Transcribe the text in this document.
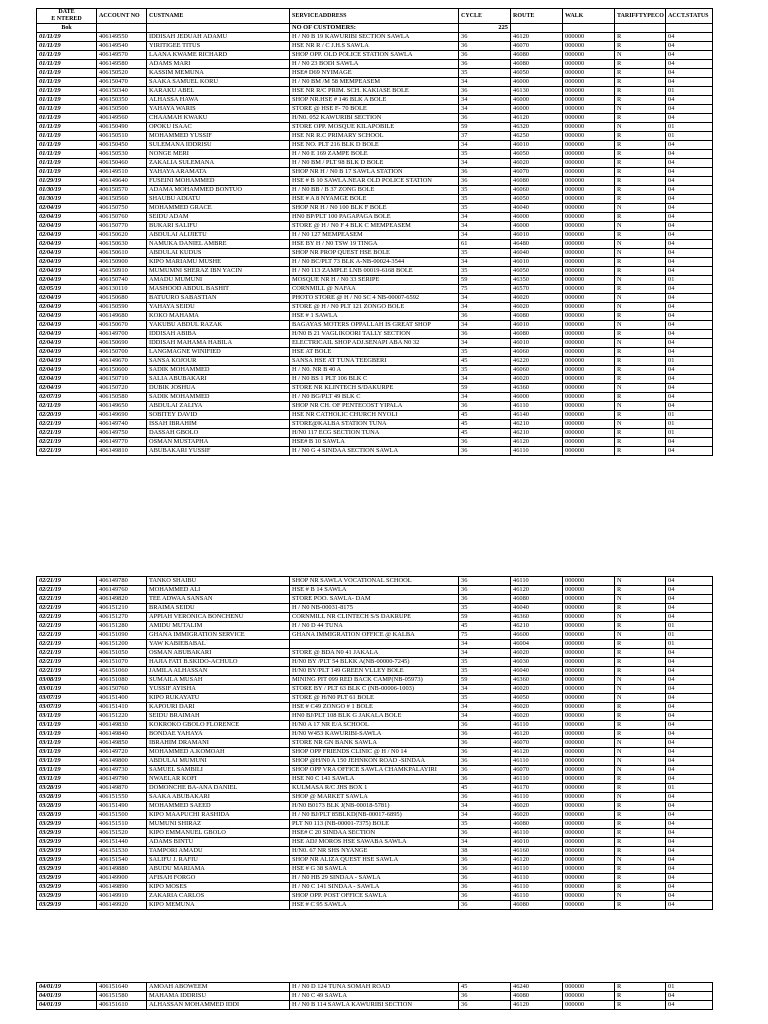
DATE
E NTERED	ACCOUNT NO	CUSTNAME	SERVICEADDRESS	CYCLE	ROUTE	WALK	TARIFFTYPECO	ACCT.STATUS
Bok			NO OF CUSTOMERS:	225				
01/11/19	406149550	IDDISAH JEDUAH ADAMU	H / N0 B 19 KAWURIBI SECTION SAWLA	36	46120	000000	R	04
01/11/19	406149540	YIRITIGEE TITUS	HSE NR R / C J.H.S SAWLA	36	46070	000000	R	04
01/11/19	406149570	LAANA KWAME RICHARD	SHOP OPP. OLD POLICE STATION SAWLA	36	46080	000000	N	04
01/11/19	406149580	ADAMS MARI	H / N0 23 BODI SAWLA	36	46080	000000	R	04
01/11/19	406150520	KASSIM MEMUNA	HSE# D69 NYIMAGE	35	46050	000000	R	04
01/11/19	406150470	SAAKA SAMUEL KORU	H / N0 BM /M 58 MEMPEASEM	34	46000	000000	R	04
01/11/19	406150340	KARAKU ABEL	HSE NR R/C PRIM. SCH. KAKIASE BOLE	36	46130	000000	R	01
01/11/19	406150350	ALHASSA HAWA	SHOP NR.HSE # 146 BLK A BOLE	34	46000	000000	R	04
01/11/19	406150500	YAHAYA WARIS	STORE @ HSE F- 70 BOLE	34	46000	000000	N	04
01/11/19	406149560	CHAAMAH KWAKU	H/N0. 052 KAWURIBI SECTION	36	46120	000000	R	04
01/11/19	406150490	OPOKU ISAAC	STORE OPP. MOSQUE KILAPOBILE	59	46320	000000	N	01
01/11/19	406150510	MOHAMMED YUSSIF	HSE NR R.C PRIMARY SCHOOL	37	46250	000000	R	01
01/11/19	406150450	SULEMANA IDDRISU	HSE NO. PLT 216 BLK D BOLE	34	46010	000000	R	04
01/11/19	406150530	NONGE MERI	H / N0 E 169 ZAMPE BOLE	35	46050	000000	R	04
01/11/19	406150460	ZAKALIA SULEMANA	H / N0 BM / PLT 98 BLK D BOLE	34	46020	000000	R	04
01/11/19	406149510	YAHAYA ARAMATA	SHOP NR H / N0 B 17 SAWLA STATION	36	46070	000000	R	04
01/29/19	406149640	FUSEINI MOHAMMED	HSE # B 10 SAWLA.NEAR OLD POLICE STATION	36	46080	000000	R	04
01/30/19	406150570	ADAMA MOHAMMED BONTUO	H / N0 BB / B 37 ZONG BOLE	35	46060	000000	R	04
01/30/19	406150560	SHAUBU ADIATU	HSE # A 8 NYAMGE BOLE	35	46050	000000	R	04
02/04/19	406150750	MOHAMMED GRACE	SHOP NR H / N0 100 BLK F BOLE	35	46040	000000	N	04
02/04/19	406150760	SEIDU ADAM	HN0 BP/PLT 100 PAGAPAGA BOLE	34	46000	000000	R	04
02/04/19	406150770	BUKARI SALIFU	STORE @ H / N0 F 4 BLK C MEMPEASEM	34	46000	000000	N	04
02/04/19	406150620	ABDULAI ALIJIETU	H / N0 127 MEMPEASEM	34	46010	000000	R	04
02/04/19	406150630	NAMUKA DANIEL AMBRE	HSE BY H / N0 TSW 19 TINGA	61	46480	000000	N	04
02/04/19	406150610	ABDULAI KUDUS	SHOP NR PROP QUEST HSE BOLE	35	46040	000000	N	04
02/04/19	406150900	KIPO MARIAMU MUSHE	H / N0 BC/PLT 73 BLK A-NB-00024-3544	34	46010	000000	R	04
02/04/19	406150910	MUMUMNI SHERAZ IBN YACIN	H / N0 113 ZAMPLE LNB 00019-6168 BOLE	35	46050	000000	R	04
02/04/19	406150740	AMADU MUMUNI	MOSQUE NR H / N0 33 SERIPE	59	46350	000000	N	01
02/05/19	406130110	MASHOOD ABDUL BASHIT	CORNMILL @ NAFAA	75	46570	000000	R	04
02/04/19	406150680	BATUURO SABASTIAN	PHOTO STORE @ H / N0 SC 4 NB-00007-6592	34	46020	000000	N	04
02/04/19	406150590	YAHAYA SEIDU	STORE @ H / N0 PLT 121 ZONGO BOLE	34	46020	000000	N	04
02/04/19	406149680	KOKO MAHAMA	HSE # 1 SAWLA	36	46080	000000	R	04
02/04/19	406150670	YAKUBU ABDUL RAZAK	BAGAYAS MOTERS OPPALLAH IS GREAT SHOP	34	46010	000000	N	04
02/04/19	406149700	IDDISAH ABIBA	H/N0 B 21 VAGLIKOORI TALLY SECTION	36	46080	000000	R	04
02/04/19	406150690	IDDISAH MAHAMA HABILA	ELECTRICAIL SHOP ADJ.SENAPI ABA N0 32	34	46010	000000	N	04
02/04/19	406150700	LANGMAGNE WINIFIED	HSE AT BOLE	35	46060	000000	R	04
02/04/19	406149670	SANSA KOJOUR	SANSA HSE AT TUNA TEEGBERI	45	46220	000000	R	01
02/04/19	406150600	SADIK MOHAMMED	H / N0. NR B 40 A	35	46060	000000	R	04
02/04/19	406150710	SALIA ABUBAKARI	H / N0 BS 1 PLT 106 BLK C	34	46020	000000	R	04
02/04/19	406150720	DUBIK JOSHUA	STORE NR KLINTECH S/DAKURPE	59	46360	000000	N	04
02/07/19	406150580	SADIK MOHAMMED	H / N0 BG/PLT 49 BLK C	34	46000	000000	R	04
02/11/19	406149650	ABDULAI ZALIYA	SHOP NR CH. OF PENTECOST YIPALA	36	46110	000000	N	04
02/20/19	406149690	SOBITEY DAVID	HSE NR CATHOLIC CHURCH NYOLI	45	46140	000000	R	01
02/21/19	406149740	ISSAH IBRAHIM	STORE@KALBA STATION TUNA	45	46210	000000	N	01
02/21/19	406149750	DASSAH GBOLO	H/N0 117 ECG SECTION TUNA	45	46210	000000	R	01
02/21/19	406149770	OSMAN MUSTAPHA	HSE# B 10 SAWLA	36	46120	000000	R	04
02/21/19	406149810	ABUBAKARI YUSSIF	H / N0 G 4 SINDAA SECTION SAWLA	36	46110	000000	R	04
02/21/19	406149780	TANKO SHAIBU	SHOP NR SAWLA VOCATIONAL SCHOOL	36	46110	000000	N	04
02/21/19	406149760	MOHAMMED ALI	HSE # B 14 SAWLA	36	46120	000000	R	04
02/21/19	406149820	TEE ADWAA SANSAN	STORE POO. SAWLA- DAM	36	46080	000000	N	04
02/21/19	406151210	BRAIMA SEIDU	H / N0 NB-00031-8175	35	46040	000000	R	04
02/21/19	406151270	APPIAH VERONICA BONCHENU	CORNMILL NR CLINTECH S/S DAKRUPE	59	46360	000000	N	04
02/21/19	406151280	AMIDU MUTALIM	H / N0 D 44 TUNA	45	46210	000000	R	01
02/21/19	406151090	GHANA IMMIGRATION SERVICE	GHANA IMMIGRATION OFFICE @ KALBA	75	46600	000000	N	01
02/21/19	406151200	YAW KABIEBABAL		34	46004	000000	R	01
02/21/19	406151050	OSMAN ABUBAKARI	STORE @ BDA N0 41 JAKALA	34	46020	000000	R	04
02/21/19	406151070	HAJIA FATI B.SKIDO-ACHULO	H/N0 BY /PLT 54 BLKK A(NB-00000-7245)	35	46030	000000	R	04
02/21/19	406151060	JAMILA ALHASSAN	H/N0 BY/PLT 149 GREEN VLLEY BOLE	35	46040	000000	R	04
03/08/19	406151080	SUMAILA MUSAH	MINING PIT 099 RED BACK CAMP(NB-05973)	59	46360	000000	N	04
03/01/19	406150760	YUSSIF AYISHA	STORE BY / PLT 63 BLK C (NB-00006-1003)	34	46020	000000	N	04
03/07/19	406151400	KIPO RUKAYATU	STORE @ H/N0 PLT 61 BOLE	35	46050	000000	N	04
03/07/19	406151410	KAPOURI DARI	HSE # C49 ZONGO # 1 BOLE	34	46020	000000	R	04
03/11/19	406151220	SEIDU BRAIMAH	HN0 BJ/PLT 108 BLK G JAKALA BOLE	34	46020	000000	R	04
03/11/19	406149830	KOKROKO GBOLO FLORENCE	H/N0 A 17 NR E/A SCHOOL	36	46110	000000	R	04
03/11/19	406149840	BONDAE YAHAYA	H/N0 W453 KAWURIBI-SAWLA	36	46120	000000	R	04
03/11/19	406149850	IBRAHIM DRAMANI	STORE NR GN BANK SAWLA	36	46070	000000	N	04
03/11/19	406149720	MOHAMMED A.KOMOAH	SHOP OPP FRIENDS CLINIC @ H / N0 14	36	46120	000000	N	04
03/11/19	406149800	ABDULAI MUMUNI	SHOP @H/N0 A 150 JEHNKON ROAD -SINDAA	36	46110	000000	N	04
03/11/19	406149730	SAMUEL SAMBILI	SHOP OPP VRA OFFICE SAWLA CHAMKPALAYIRI	36	46070	000000	N	04
03/11/19	406149790	NWAELAR KOFI	HSE N0 C 141 SAWLA	36	46110	000000	R	04
03/28/19	406149870	DOMONCHE BA-ANA DANIEL	KULMASA R/C JHS BOX 1	45	46170	000000	R	01
03/28/19	406151550	SAAKA ABUBAKARI	SHOP @ MARKET SAWLA	36	46110	000000	N	04
03/28/19	406151490	MOHAMMED SAEED	H/N0 B0173 BLK J(NB-00018-5781)	34	46020	000000	R	04
03/28/19	406151500	KIPO MAAPUCHI RASHIDA	H / N0 BJ/PLT 85BLKD(NB-00017-6895)	34	46020	000000	R	04
03/29/19	406151510	MUMUNI SHIRAZ	PLT N0 113 (NB-00001-7375) BOLE	35	46080	000000	R	04
03/29/19	406151520	KIPO EMMANUEL GBOLO	HSE# C 20 SINDAA SECTION	36	46110	000000	R	04
03/29/19	406151440	ADAMS BINTU	HSE ADJ MOROS HSE SAWABA SAWLA	34	46010	000000	R	04
03/29/19	406151530	TAMPORI AMADU	H/N0. 67 NR SHS NYANGE	38	46160	000000	R	04
03/29/19	406151540	SALIFU J. RAFIU	SHOP NR ALIZA QUEST HSE SAWLA	36	46120	000000	N	04
03/29/19	406149880	ABUDU MARIAMA	HSE # G 38 SAWLA	36	46110	000000	R	04
03/29/19	406149900	AFISAH FORGO	H / N0 HB 29 SINDAA - SAWLA	36	46110	000000	R	04
03/29/19	406149890	KIPO MOSES	H / N0 C 141 SINDAA - SAWLA	36	46110	000000	R	04
03/29/19	406149910	ZAKARIA CARLOS	SHOP OPP. POST OFFICE SAWLA	36	46110	000000	N	04
03/29/19	406149920	KIPO MEMUNA	HSE # C 95 SAWLA	36	46080	000000	R	04
04/01/19	406151640	AMOAH ABOWEEM	H / N0 D 124 TUNA SOMAH ROAD	45	46240	000000	R	01
04/01/19	406151580	MAHAMA IDDRISU	H / N0 C 49 SAWLA	36	46080	000000	R	04
04/01/19	406151610	ALHASSAN MOHAMMED IDDI	H / N0 B 114 SAWLA KAWURIBI SECTION	36	46120	000000	R	04
